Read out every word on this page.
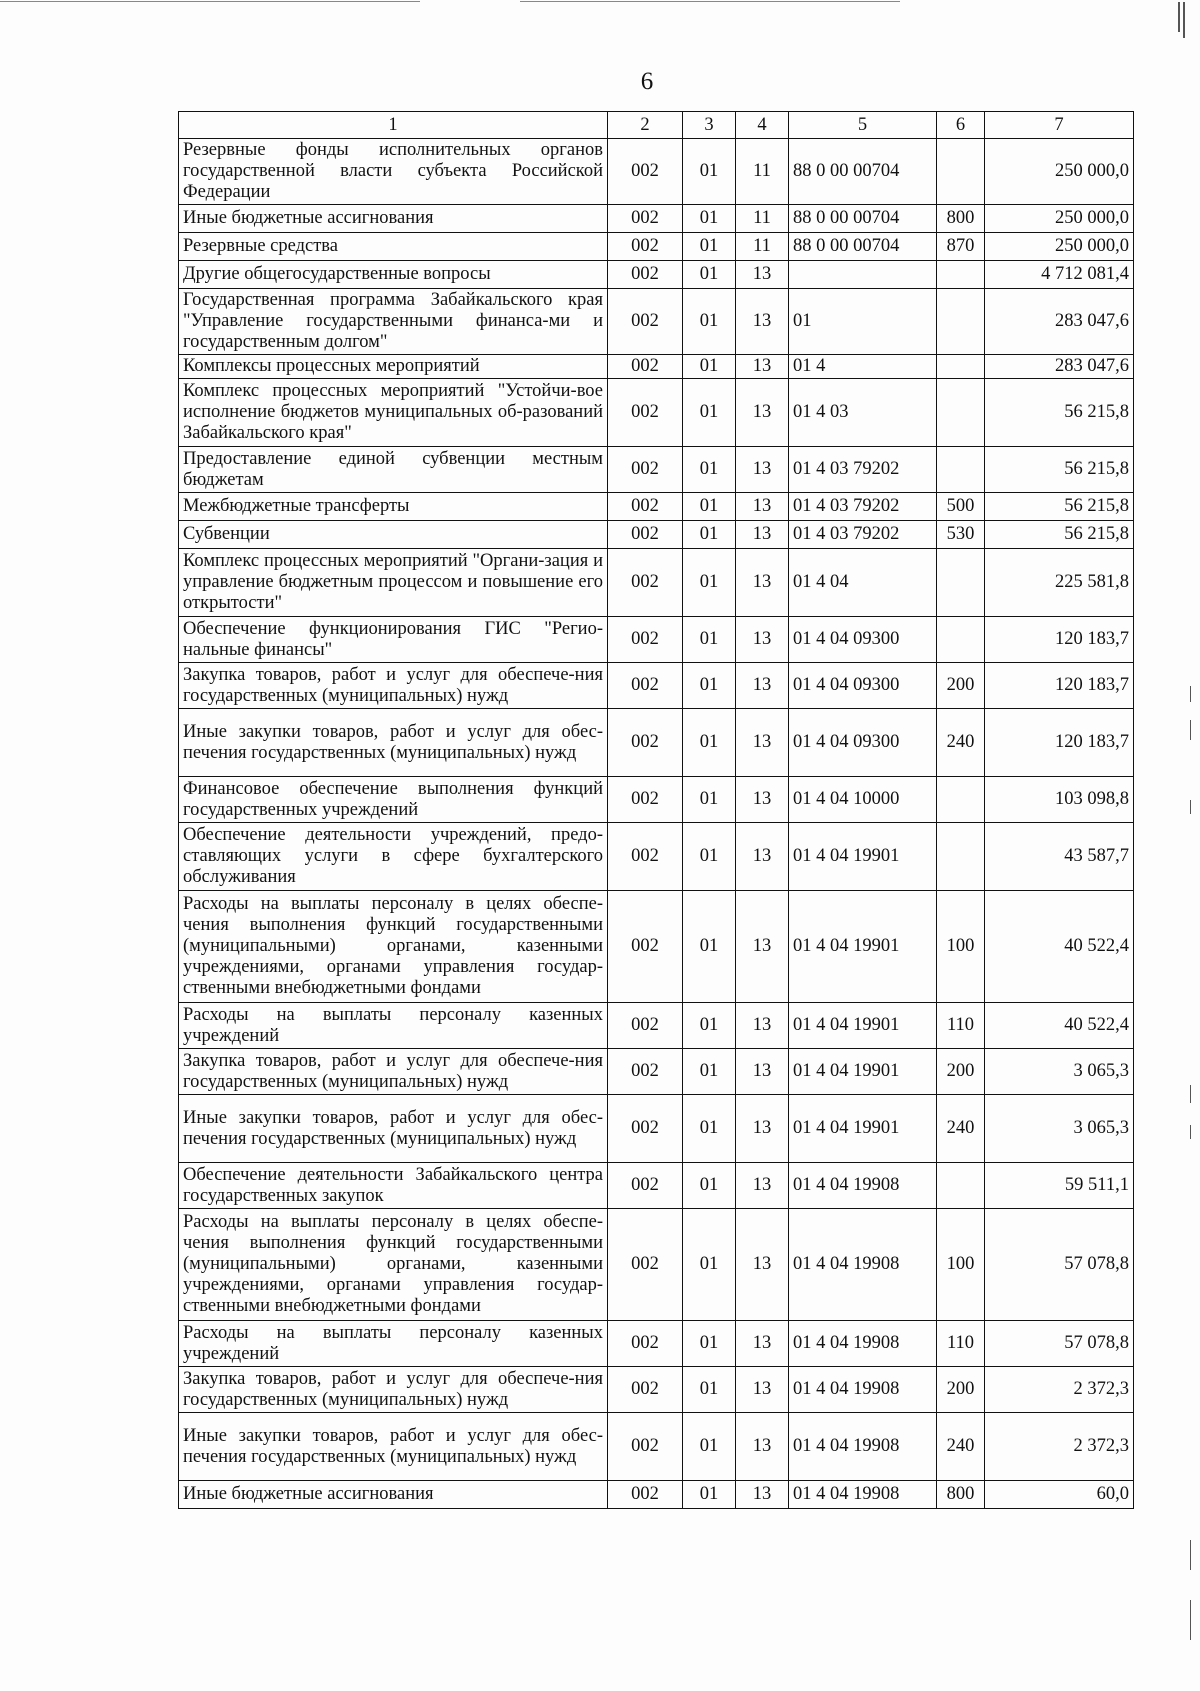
6
1	2	3	4	5	6	7
Резервные фонды исполнительных органов государственной власти субъекта Российской Федерации	002	01	11	88 0 00 00704		250 000,0
Иные бюджетные ассигнования	002	01	11	88 0 00 00704	800	250 000,0
Резервные средства	002	01	11	88 0 00 00704	870	250 000,0
Другие общегосударственные вопросы	002	01	13			4 712 081,4
Государственная программа Забайкальского края "Управление государственными финанса-ми и государственным долгом"	002	01	13	01		283 047,6
Комплексы процессных мероприятий	002	01	13	01 4		283 047,6
Комплекс процессных мероприятий "Устойчи-вое исполнение бюджетов муниципальных об-разований Забайкальского края"	002	01	13	01 4 03		56 215,8
Предоставление единой субвенции местным бюджетам	002	01	13	01 4 03 79202		56 215,8
Межбюджетные трансферты	002	01	13	01 4 03 79202	500	56 215,8
Субвенции	002	01	13	01 4 03 79202	530	56 215,8
Комплекс процессных мероприятий "Органи-зация и управление бюджетным процессом и повышение его открытости"	002	01	13	01 4 04		225 581,8
Обеспечение функционирования ГИС "Регио-нальные финансы"	002	01	13	01 4 04 09300		120 183,7
Закупка товаров, работ и услуг для обеспече-ния государственных (муниципальных) нужд	002	01	13	01 4 04 09300	200	120 183,7
Иные закупки товаров, работ и услуг для обес-печения государственных (муниципальных) нужд	002	01	13	01 4 04 09300	240	120 183,7
Финансовое обеспечение выполнения функций государственных учреждений	002	01	13	01 4 04 10000		103 098,8
Обеспечение деятельности учреждений, предо-ставляющих услуги в сфере бухгалтерского обслуживания	002	01	13	01 4 04 19901		43 587,7
Расходы на выплаты персоналу в целях обеспе-чения выполнения функций государственными (муниципальными) органами, казенными учреждениями, органами управления государ-ственными внебюджетными фондами	002	01	13	01 4 04 19901	100	40 522,4
Расходы на выплаты персоналу казенных учреждений	002	01	13	01 4 04 19901	110	40 522,4
Закупка товаров, работ и услуг для обеспече-ния государственных (муниципальных) нужд	002	01	13	01 4 04 19901	200	3 065,3
Иные закупки товаров, работ и услуг для обес-печения государственных (муниципальных) нужд	002	01	13	01 4 04 19901	240	3 065,3
Обеспечение деятельности Забайкальского центра государственных закупок	002	01	13	01 4 04 19908		59 511,1
Расходы на выплаты персоналу в целях обеспе-чения выполнения функций государственными (муниципальными) органами, казенными учреждениями, органами управления государ-ственными внебюджетными фондами	002	01	13	01 4 04 19908	100	57 078,8
Расходы на выплаты персоналу казенных учреждений	002	01	13	01 4 04 19908	110	57 078,8
Закупка товаров, работ и услуг для обеспече-ния государственных (муниципальных) нужд	002	01	13	01 4 04 19908	200	2 372,3
Иные закупки товаров, работ и услуг для обес-печения государственных (муниципальных) нужд	002	01	13	01 4 04 19908	240	2 372,3
Иные бюджетные ассигнования	002	01	13	01 4 04 19908	800	60,0
